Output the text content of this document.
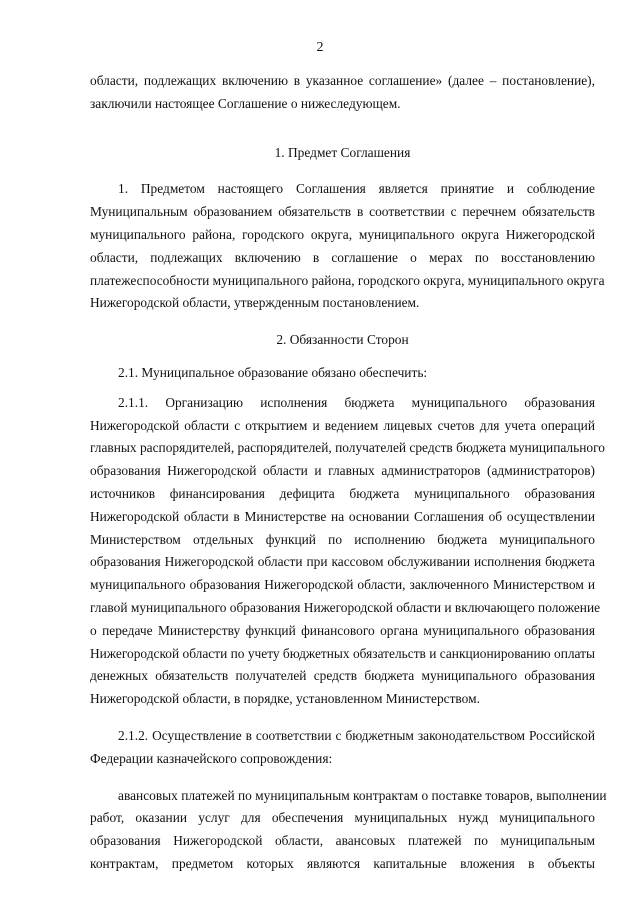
2
области, подлежащих включению в указанное соглашение» (далее – постановление),
заключили настоящее Соглашение о нижеследующем.
1. Предмет Соглашения
1. Предметом настоящего Соглашения является принятие и соблюдение
Муниципальным образованием обязательств в соответствии с перечнем обязательств
муниципального района, городского округа, муниципального округа Нижегородской
области, подлежащих включению в соглашение о мерах по восстановлению
платежеспособности муниципального района, городского округа, муниципального округа
Нижегородской области, утвержденным постановлением.
2. Обязанности Сторон
2.1. Муниципальное образование обязано обеспечить:
2.1.1. Организацию исполнения бюджета муниципального образования
Нижегородской области с открытием и ведением лицевых счетов для учета операций
главных распорядителей, распорядителей, получателей средств бюджета муниципального
образования Нижегородской области и главных администраторов (администраторов)
источников финансирования дефицита бюджета муниципального образования
Нижегородской области в Министерстве на основании Соглашения об осуществлении
Министерством отдельных функций по исполнению бюджета муниципального
образования Нижегородской области при кассовом обслуживании исполнения бюджета
муниципального образования Нижегородской области, заключенного Министерством и
главой муниципального образования Нижегородской области и включающего положение
о передаче Министерству функций финансового органа муниципального образования
Нижегородской области по учету бюджетных обязательств и санкционированию оплаты
денежных обязательств получателей средств бюджета муниципального образования
Нижегородской области, в порядке, установленном Министерством.
2.1.2. Осуществление в соответствии с бюджетным законодательством Российской
Федерации казначейского сопровождения:
авансовых платежей по муниципальным контрактам о поставке товаров, выполнении
работ, оказании услуг для обеспечения муниципальных нужд муниципального
образования Нижегородской области, авансовых платежей по муниципальным
контрактам, предметом которых являются капитальные вложения в объекты
